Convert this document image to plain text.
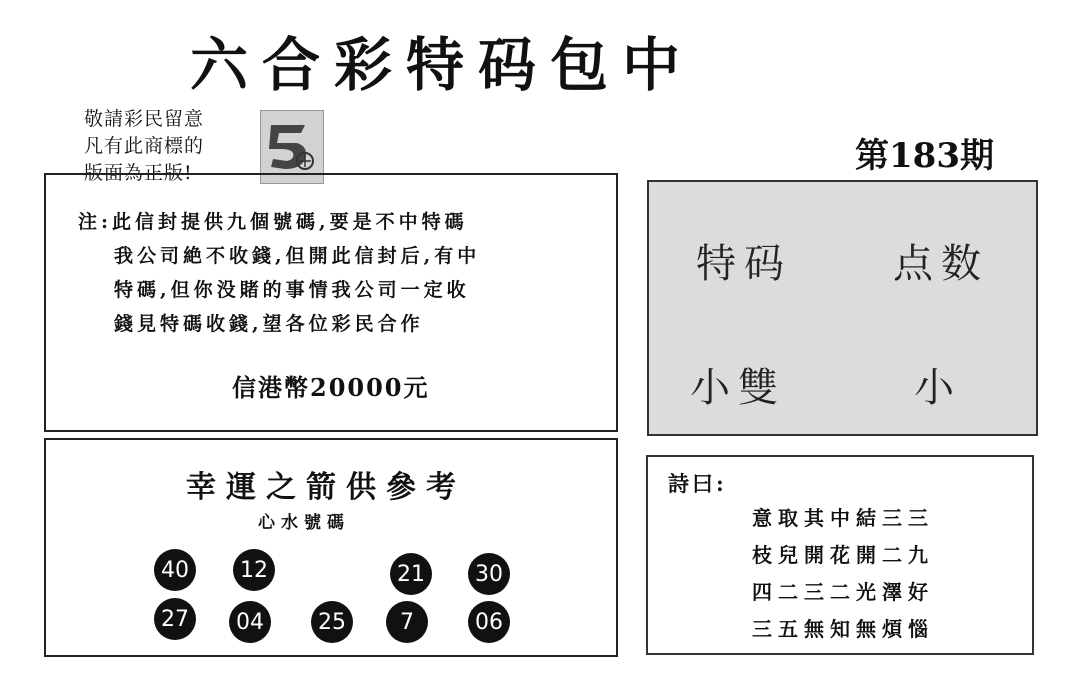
六合彩特码包中
敬請彩民留意
凡有此商標的
版面為正版!	第183期
注:此信封提供九個號碼,要是不中特碼
我公司絶不收錢,但開此信封后,有中
特碼,但你没賭的事情我公司一定收
錢見特碼收錢,望各位彩民合作
信港幣20000元
特码	点数
小雙	小
幸運之箭供參考
心水號碼
40	12	21	30
27	04	25	7	06
詩曰:
意取其中結三三
枝兒開花開二九
四二三二光澤好
三五無知無煩惱
